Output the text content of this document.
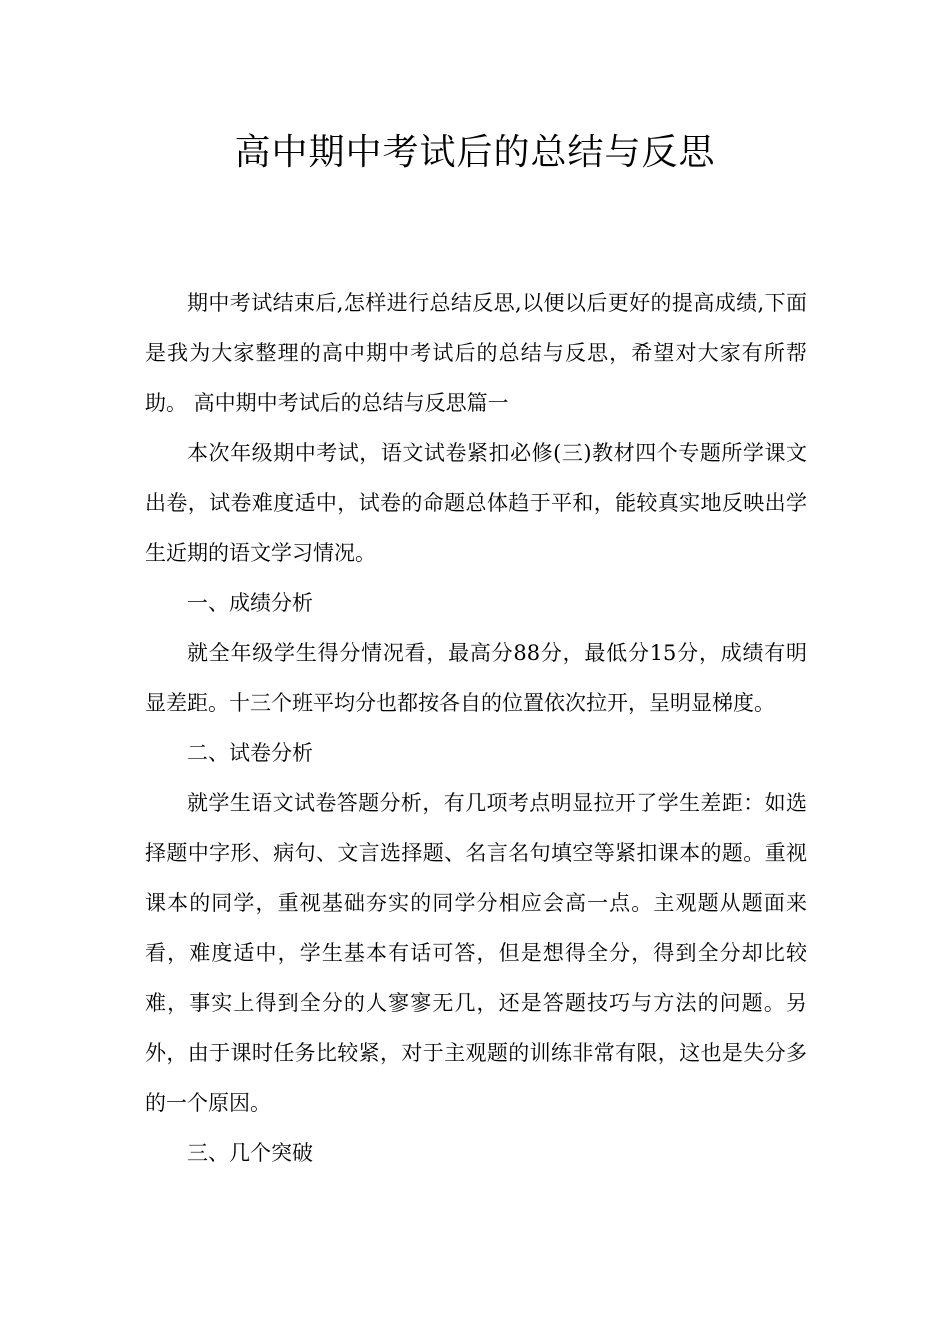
高中期中考试后的总结与反思

期中考试结束后,怎样进行总结反思,以便以后更好的提高成绩,下面是我为大家整理的高中期中考试后的总结与反思，希望对大家有所帮助。 高中期中考试后的总结与反思篇一

本次年级期中考试，语文试卷紧扣必修(三)教材四个专题所学课文出卷，试卷难度适中，试卷的命题总体趋于平和，能较真实地反映出学生近期的语文学习情况。

一、成绩分析

就全年级学生得分情况看，最高分88分，最低分15分，成绩有明显差距。十三个班平均分也都按各自的位置依次拉开，呈明显梯度。

二、试卷分析

就学生语文试卷答题分析，有几项考点明显拉开了学生差距：如选择题中字形、病句、文言选择题、名言名句填空等紧扣课本的题。重视课本的同学，重视基础夯实的同学分相应会高一点。主观题从题面来看，难度适中，学生基本有话可答，但是想得全分，得到全分却比较难，事实上得到全分的人寥寥无几，还是答题技巧与方法的问题。另外，由于课时任务比较紧，对于主观题的训练非常有限，这也是失分多的一个原因。

三、几个突破
